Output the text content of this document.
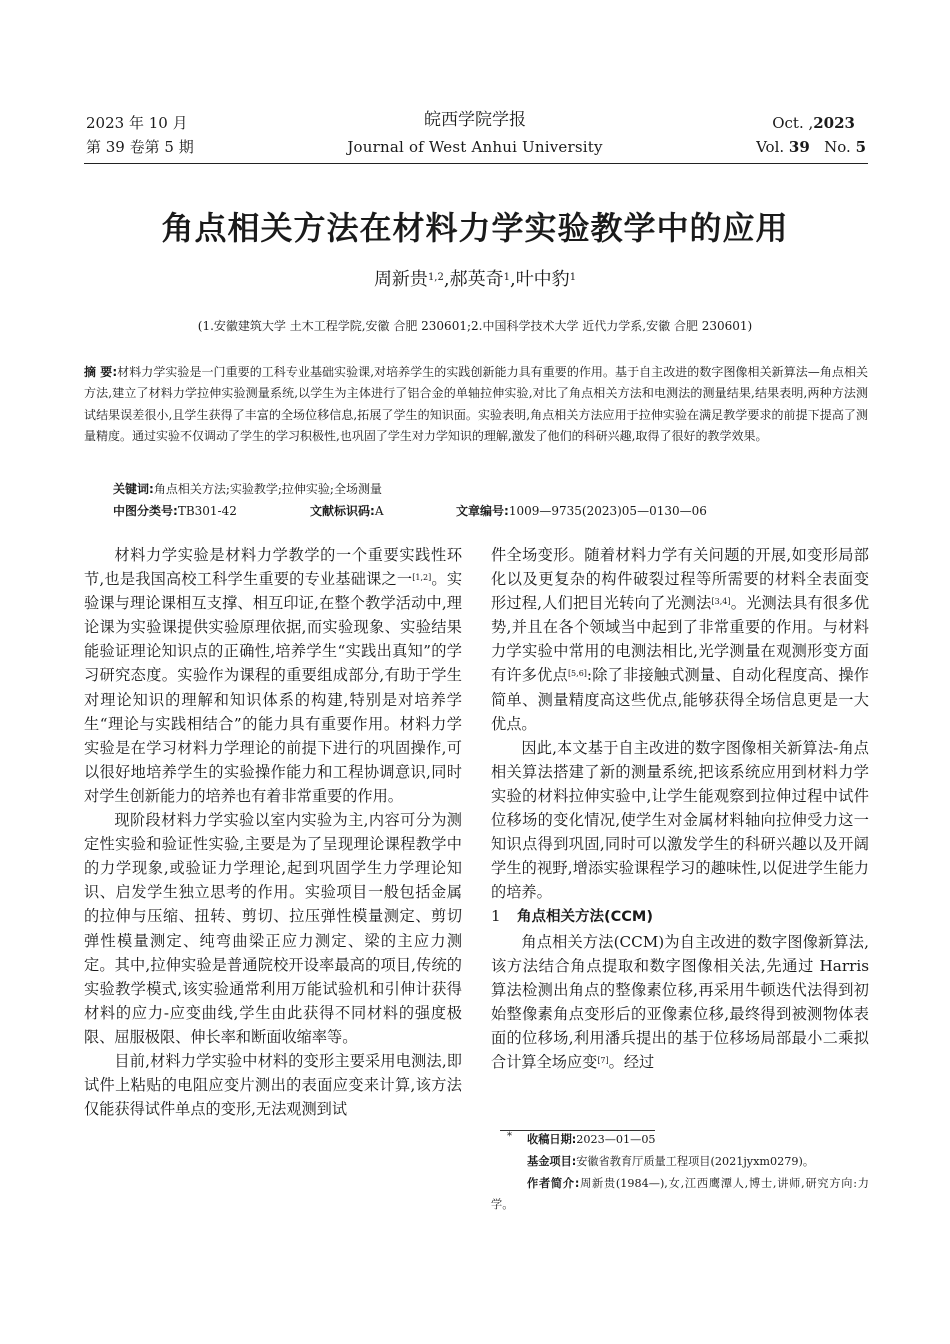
2023 年 10 月
第 39 卷第 5 期
皖西学院学报
Journal of West Anhui University
Oct. ,2023
Vol. 39 No. 5
角点相关方法在材料力学实验教学中的应用
周新贵$^{1,2}$,郝英奇$^1$,叶中豹$^1$
(1.安徽建筑大学 土木工程学院,安徽 合肥 230601;2.中国科学技术大学 近代力学系,安徽 合肥 230601)
摘 要:材料力学实验是一门重要的工科专业基础实验课,对培养学生的实践创新能力具有重要的作用。基于自主改进的数字图像相关新算法—角点相关方法,建立了材料力学拉伸实验测量系统,以学生为主体进行了铝合金的单轴拉伸实验,对比了角点相关方法和电测法的测量结果,结果表明,两种方法测试结果误差很小,且学生获得了丰富的全场位移信息,拓展了学生的知识面。实验表明,角点相关方法应用于拉伸实验在满足教学要求的前提下提高了测量精度。通过实验不仅调动了学生的学习积极性,也巩固了学生对力学知识的理解,激发了他们的科研兴趣,取得了很好的教学效果。
关键词:角点相关方法;实验教学;拉伸实验;全场测量
中图分类号:TB301-42	文献标识码:A	文章编号:1009—9735(2023)05—0130—06

材料力学实验是材料力学教学的一个重要实践性环节,也是我国高校工科学生重要的专业基础课之一[1,2]。实验课与理论课相互支撑、相互印证,在整个教学活动中,理论课为实验课提供实验原理依据,而实验现象、实验结果能验证理论知识点的正确性,培养学生“实践出真知”的学习研究态度。实验作为课程的重要组成部分,有助于学生对理论知识的理解和知识体系的构建,特别是对培养学生“理论与实践相结合”的能力具有重要作用。材料力学实验是在学习材料力学理论的前提下进行的巩固操作,可以很好地培养学生的实验操作能力和工程协调意识,同时对学生创新能力的培养也有着非常重要的作用。

现阶段材料力学实验以室内实验为主,内容可分为测定性实验和验证性实验,主要是为了呈现理论课程教学中的力学现象,或验证力学理论,起到巩固学生力学理论知识、启发学生独立思考的作用。实验项目一般包括金属的拉伸与压缩、扭转、剪切、拉压弹性模量测定、剪切弹性模量测定、纯弯曲梁正应力测定、梁的主应力测定。其中,拉伸实验是普通院校开设率最高的项目,传统的实验教学模式,该实验通常利用万能试验机和引伸计获得材料的应力-应变曲线,学生由此获得不同材料的强度极限、屈服极限、伸长率和断面收缩率等。

目前,材料力学实验中材料的变形主要采用电测法,即试件上粘贴的电阻应变片测出的表面应变来计算,该方法仅能获得试件单点的变形,无法观测到试

件全场变形。随着材料力学有关问题的开展,如变形局部化以及更复杂的构件破裂过程等所需要的材料全表面变形过程,人们把目光转向了光测法[3,4]。光测法具有很多优势,并且在各个领域当中起到了非常重要的作用。与材料力学实验中常用的电测法相比,光学测量在观测形变方面有许多优点[5,6]:除了非接触式测量、自动化程度高、操作简单、测量精度高这些优点,能够获得全场信息更是一大优点。

因此,本文基于自主改进的数字图像相关新算法-角点相关算法搭建了新的测量系统,把该系统应用到材料力学实验的材料拉伸实验中,让学生能观察到拉伸过程中试件位移场的变化情况,使学生对金属材料轴向拉伸受力这一知识点得到巩固,同时可以激发学生的科研兴趣以及开阔学生的视野,增添实验课程学习的趣味性,以促进学生能力的培养。

1 角点相关方法(CCM)

角点相关方法(CCM)为自主改进的数字图像新算法,该方法结合角点提取和数字图像相关法,先通过 Harris 算法检测出角点的整像素位移,再采用牛顿迭代法得到初始整像素角点变形后的亚像素位移,最终得到被测物体表面的位移场,利用潘兵提出的基于位移场局部最小二乘拟合计算全场应变[7]。经过

* 收稿日期:2023—01—05
基金项目:安徽省教育厅质量工程项目(2021jyxm0279)。
作者简介:周新贵(1984—),女,江西鹰潭人,博士,讲师,研究方向:力学。
